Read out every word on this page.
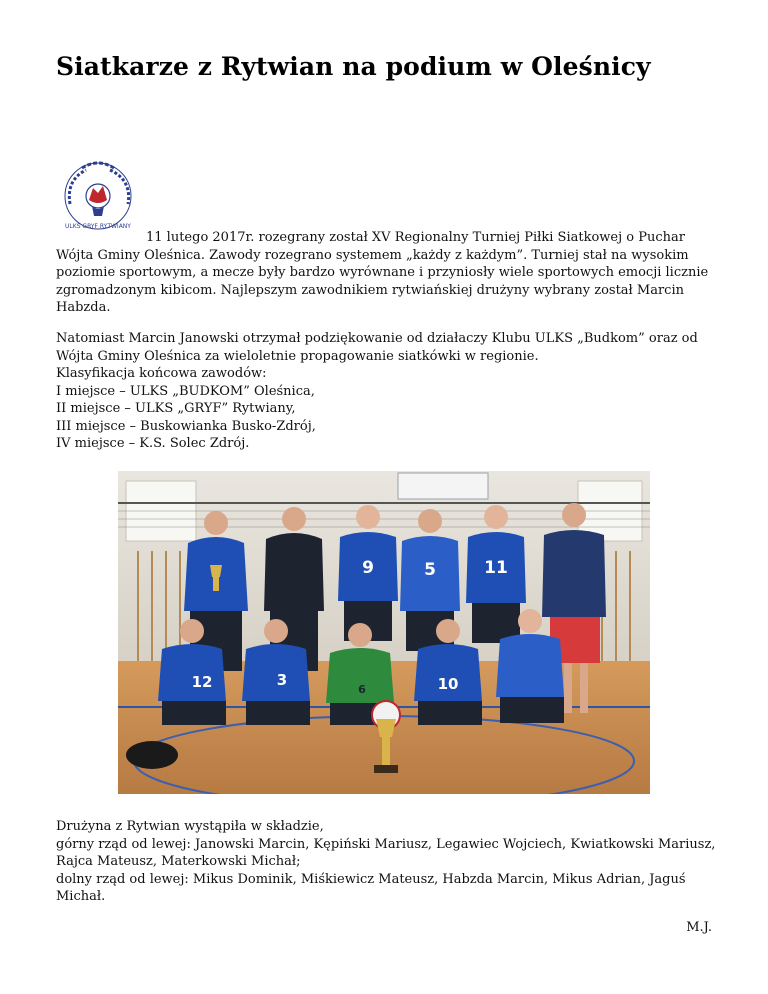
Siatkarze z Rytwian na podium w Oleśnicy
ULKS GRYF RYTWIANY

11 lutego 2017r. rozegrany został XV Regionalny Turniej Piłki Siatkowej o Puchar Wójta Gminy Oleśnica. Zawody rozegrano systemem „każdy z każdym”. Turniej stał na wysokim poziomie sportowym, a mecze były bardzo wyrównane i przyniosły wiele sportowych emocji licznie zgromadzonym kibicom. Najlepszym zawodnikiem rytwiańskiej drużyny wybrany został Marcin Habzda.

Natomiast Marcin Janowski otrzymał podziękowanie od działaczy Klubu ULKS „Budkom” oraz od
Wójta Gminy Oleśnica za wieloletnie propagowanie siatkówki w regionie.
Klasyfikacja końcowa zawodów:
I miejsce – ULKS „BUDKOM” Oleśnica,
II miejsce – ULKS „GRYF” Rytwiany,
III miejsce – Buskowianka Busko-Zdrój,
IV miejsce – K.S. Solec Zdrój.
9	5	11
12	3
6	10
Drużyna z Rytwian wystąpiła w składzie,
górny rząd od lewej: Janowski Marcin, Kępiński Mariusz, Legawiec Wojciech, Kwiatkowski Mariusz,
Rajca Mateusz, Materkowski Michał;
dolny rząd od lewej: Mikus Dominik, Miśkiewicz Mateusz, Habzda Marcin, Mikus Adrian, Jaguś
Michał.

M.J.
